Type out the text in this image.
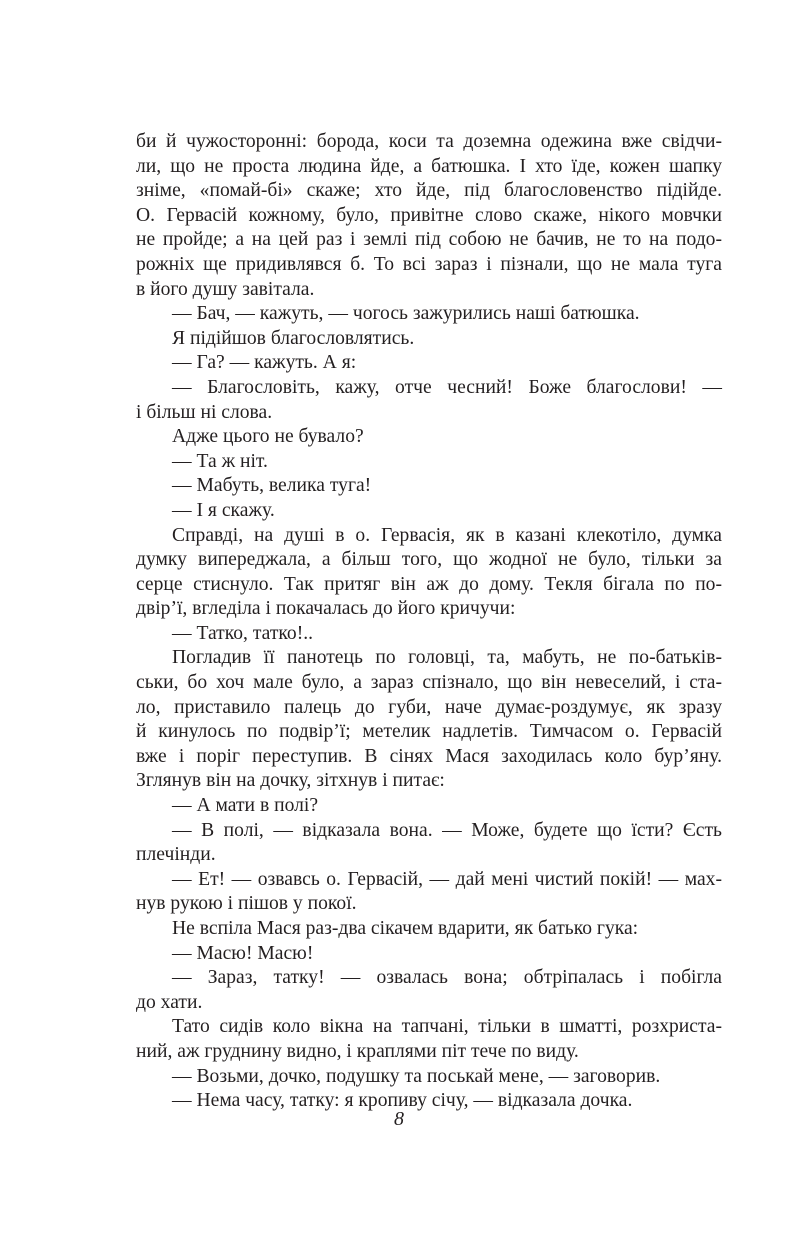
би й чужосторонні: борода, коси та доземна одежина вже свідчи-
ли, що не проста людина йде, а батюшка. І хто їде, кожен шапку
зніме, «помай-бі» скаже; хто йде, під благословенство підійде.
О. Гервасій кожному, було, привітне слово скаже, нікого мовчки
не пройде; а на цей раз і землі під собою не бачив, не то на подо-
рожніх ще придивлявся б. То всі зараз і пізнали, що не мала туга
в його душу завітала.
— Бач, — кажуть, — чогось зажурились наші батюшка.
Я підійшов благословлятись.
— Га? — кажуть. А я:
— Благословіть, кажу, отче чесний! Боже благослови! —
і більш ні слова.
Адже цього не бувало?
— Та ж ніт.
— Мабуть, велика туга!
— І я скажу.
Справді, на душі в о. Гервасія, як в казані клекотіло, думка
думку випереджала, а більш того, що жодної не було, тільки за
серце стиснуло. Так притяг він аж до дому. Текля бігала по по-
двір’ї, вгледіла і покачалась до його кричучи:
— Татко, татко!..
Погладив її панотець по головці, та, мабуть, не по-батьків-
ськи, бо хоч мале було, а зараз спізнало, що він невеселий, і ста-
ло, приставило палець до губи, наче думає-роздумує, як зразу
й кинулось по подвір’ї; метелик надлетів. Тимчасом о. Гервасій
вже і поріг переступив. В сінях Мася заходилась коло бур’яну.
Зглянув він на дочку, зітхнув і питає:
— А мати в полі?
— В полі, — відказала вона. — Може, будете що їсти? Єсть
плечінди.
— Ет! — озвавсь о. Гервасій, — дай мені чистий покій! — мах-
нув рукою і пішов у покої.
Не вспіла Мася раз-два сікачем вдарити, як батько гука:
— Масю! Масю!
— Зараз, татку! — озвалась вона; обтріпалась і побігла
до хати.
Тато сидів коло вікна на тапчані, тільки в шматті, розхриста-
ний, аж груднину видно, і краплями піт тече по виду.
— Возьми, дочко, подушку та поськай мене, — заговорив.
— Нема часу, татку: я кропиву січу, — відказала дочка.
8
